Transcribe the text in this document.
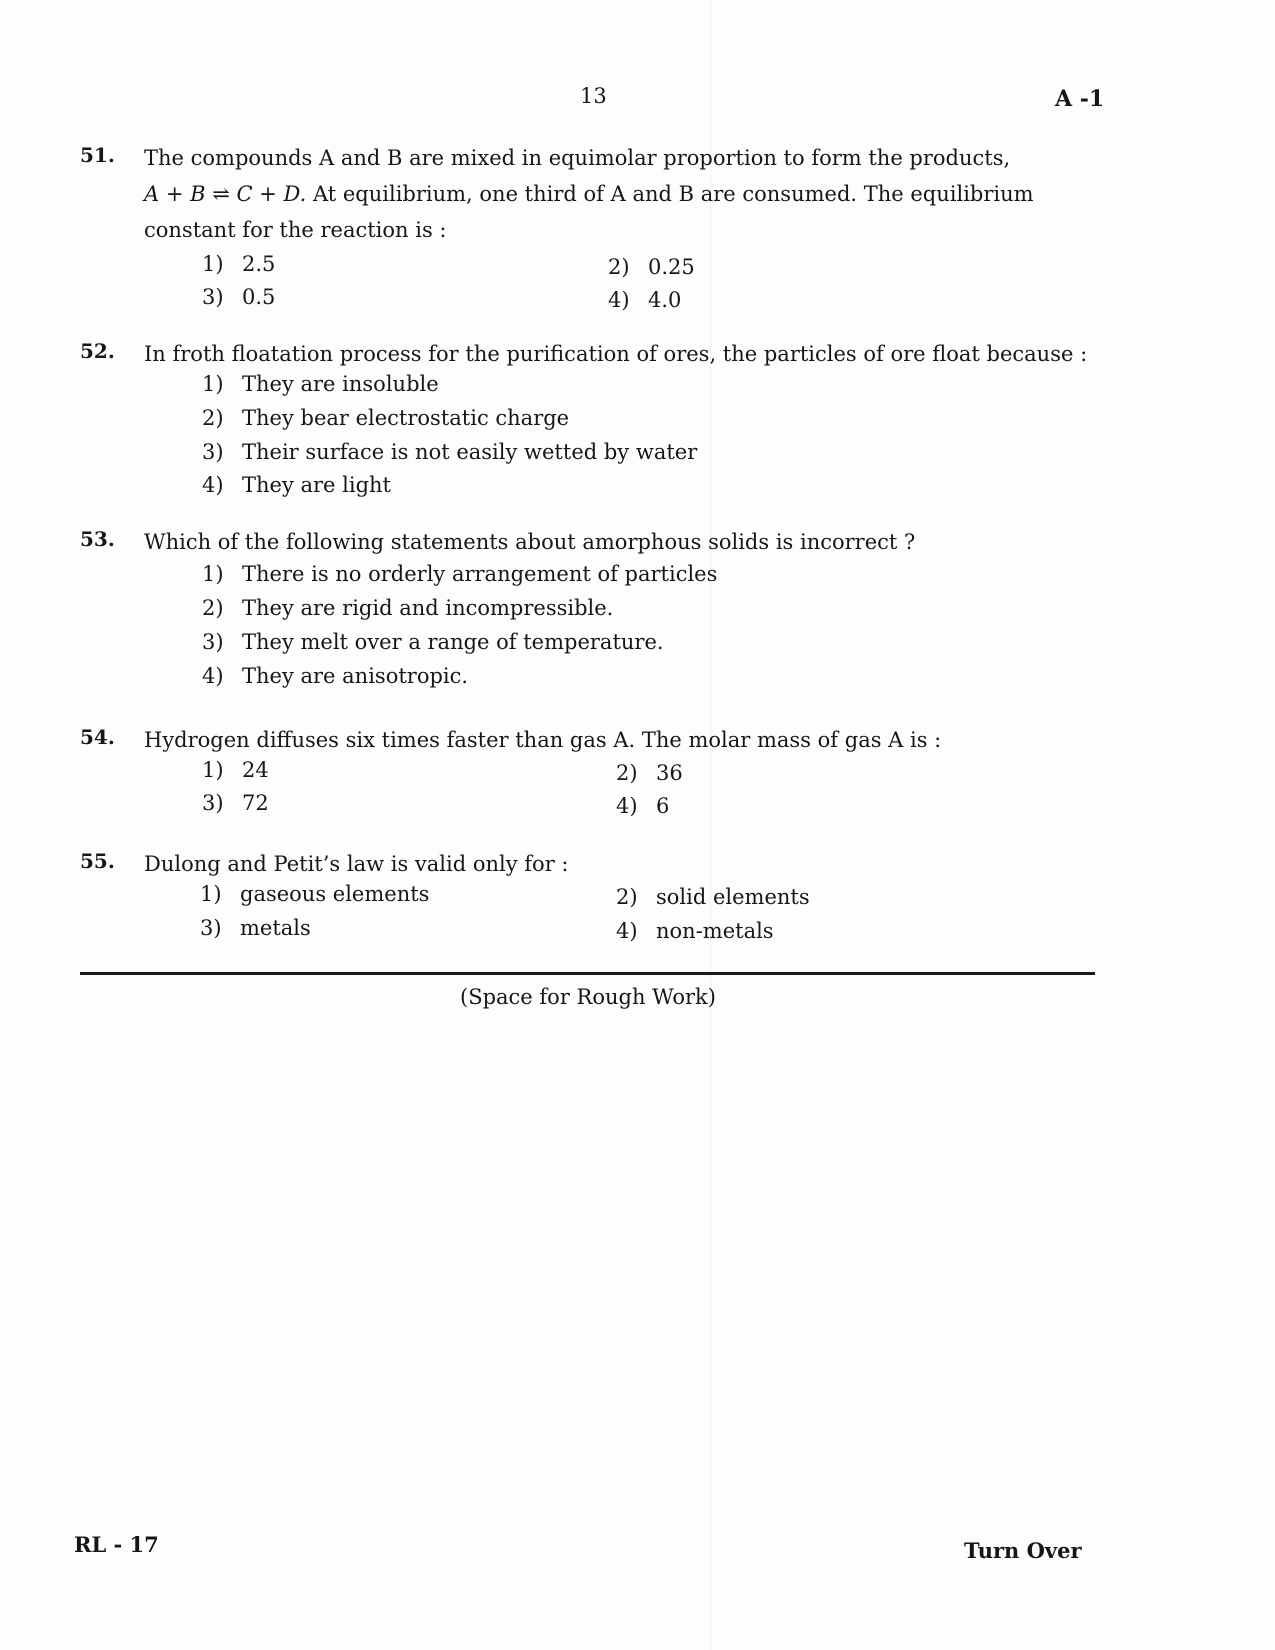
13	A -1
51. The compounds A and B are mixed in equimolar proportion to form the products,
A + B ⇌ C + D. At equilibrium, one third of A and B are consumed. The equilibrium
constant for the reaction is :
1) 2.5	2) 0.25
3) 0.5	4) 4.0
52. In froth floatation process for the purification of ores, the particles of ore float because :
1) They are insoluble
2) They bear electrostatic charge
3) Their surface is not easily wetted by water
4) They are light
53. Which of the following statements about amorphous solids is incorrect ?
1) There is no orderly arrangement of particles
2) They are rigid and incompressible.
3) They melt over a range of temperature.
4) They are anisotropic.
54. Hydrogen diffuses six times faster than gas A. The molar mass of gas A is :
1) 24	2) 36
3) 72	4) 6
55. Dulong and Petit’s law is valid only for :
1) gaseous elements	2) solid elements
3) metals	4) non-metals
(Space for Rough Work)
RL - 17	Turn Over
